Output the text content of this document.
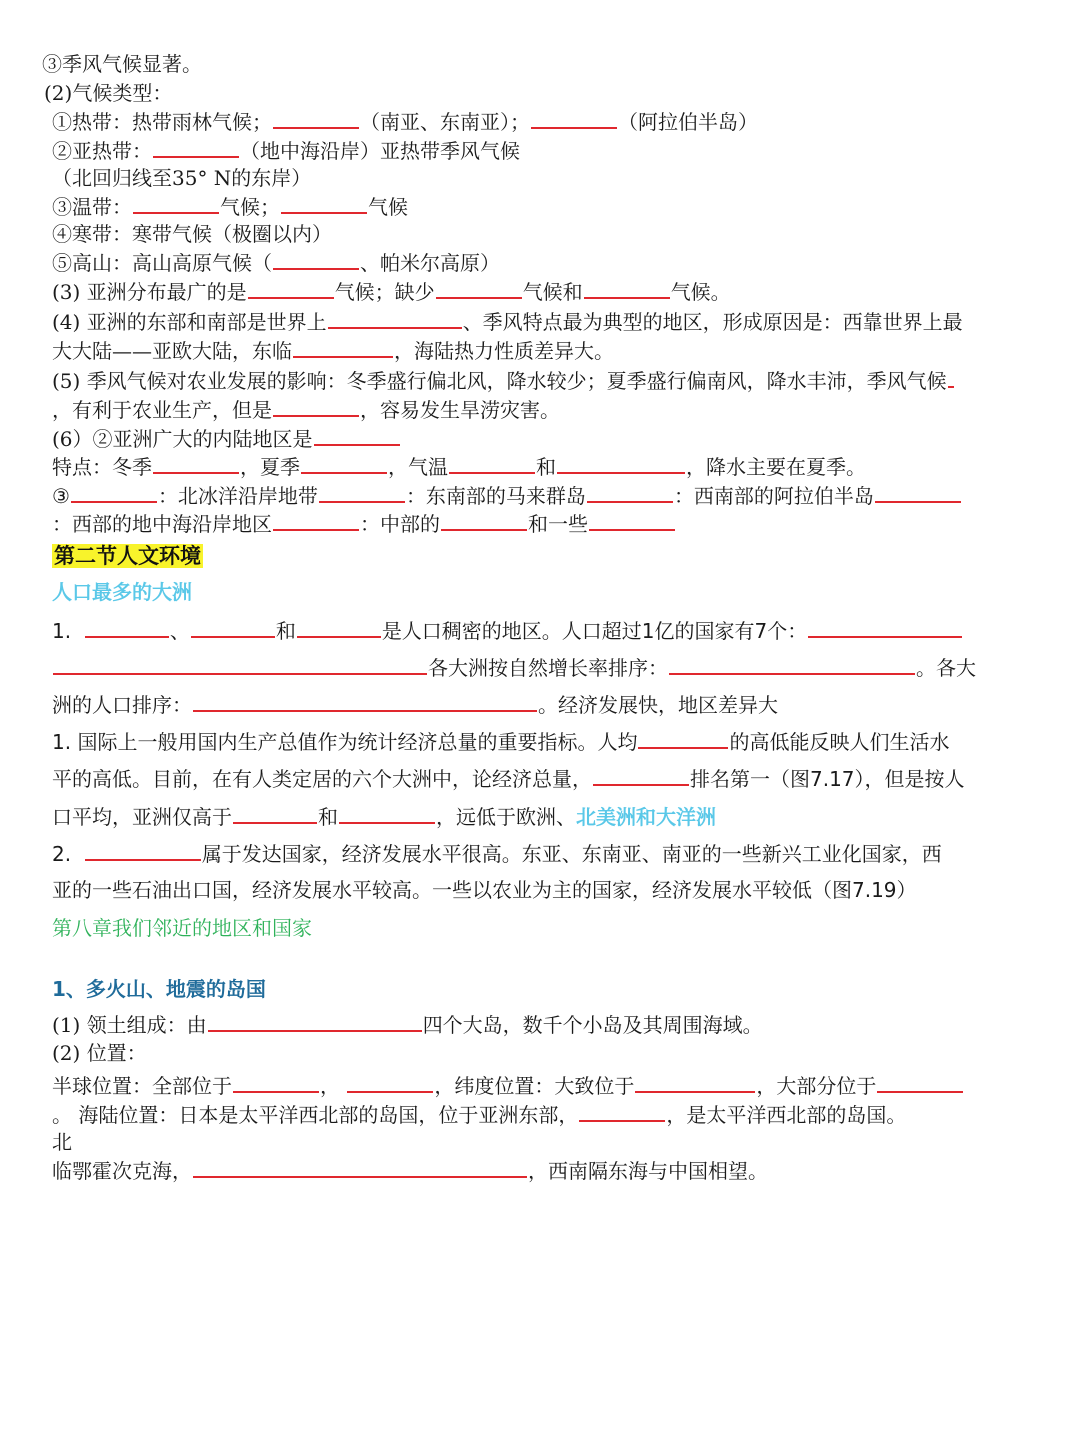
③季风气候显著。
(2)气候类型：
①热带：热带雨林气候；	（南亚、东南亚）；	（阿拉伯半岛）
②亚热带：	（地中海沿岸）亚热带季风气候
（北回归线至35° N的东岸）
③温带：	气候；	气候
④寒带：寒带气候（极圈以内）
⑤高山：高山高原气候（	、帕米尔高原）
(3) 亚洲分布最广的是	气候；缺少	气候和	气候。
(4) 亚洲的东部和南部是世界上	、季风特点最为典型的地区，形成原因是：西靠世界上最
大大陆——亚欧大陆，东临	，海陆热力性质差异大。
(5) 季风气候对农业发展的影响：冬季盛行偏北风，降水较少；夏季盛行偏南风，降水丰沛，季风气候
，有利于农业生产，但是	，容易发生旱涝灾害。
(6）②亚洲广大的内陆地区是
特点：冬季	，夏季	，气温	和	，降水主要在夏季。
③	：北冰洋沿岸地带	：东南部的马来群岛	：西南部的阿拉伯半岛
：西部的地中海沿岸地区	：中部的	和一些
第二节人文环境
人口最多的大洲
1.	、	和	是人口稠密的地区。人口超过1亿的国家有7个：
各大洲按自然增长率排序：	。各大
洲的人口排序：	。经济发展快，地区差异大
1. 国际上一般用国内生产总值作为统计经济总量的重要指标。人均	的高低能反映人们生活水
平的高低。目前，在有人类定居的六个大洲中，论经济总量，	排名第一（图7.17），但是按人
口平均，亚洲仅高于	和	，远低于欧洲、北美洲和大洋洲
2.	属于发达国家，经济发展水平很高。东亚、东南亚、南亚的一些新兴工业化国家，西
亚的一些石油出口国，经济发展水平较高。一些以农业为主的国家，经济发展水平较低（图7.19）
第八章我们邻近的地区和国家
1、多火山、地震的岛国
(1) 领土组成：由	四个大岛，数千个小岛及其周围海域。
(2) 位置：
半球位置：全部位于	，	，纬度位置：大致位于	，大部分位于
。 海陆位置：日本是太平洋西北部的岛国，位于亚洲东部，	，是太平洋西北部的岛国。
北
临鄂霍次克海，	，西南隔东海与中国相望。
